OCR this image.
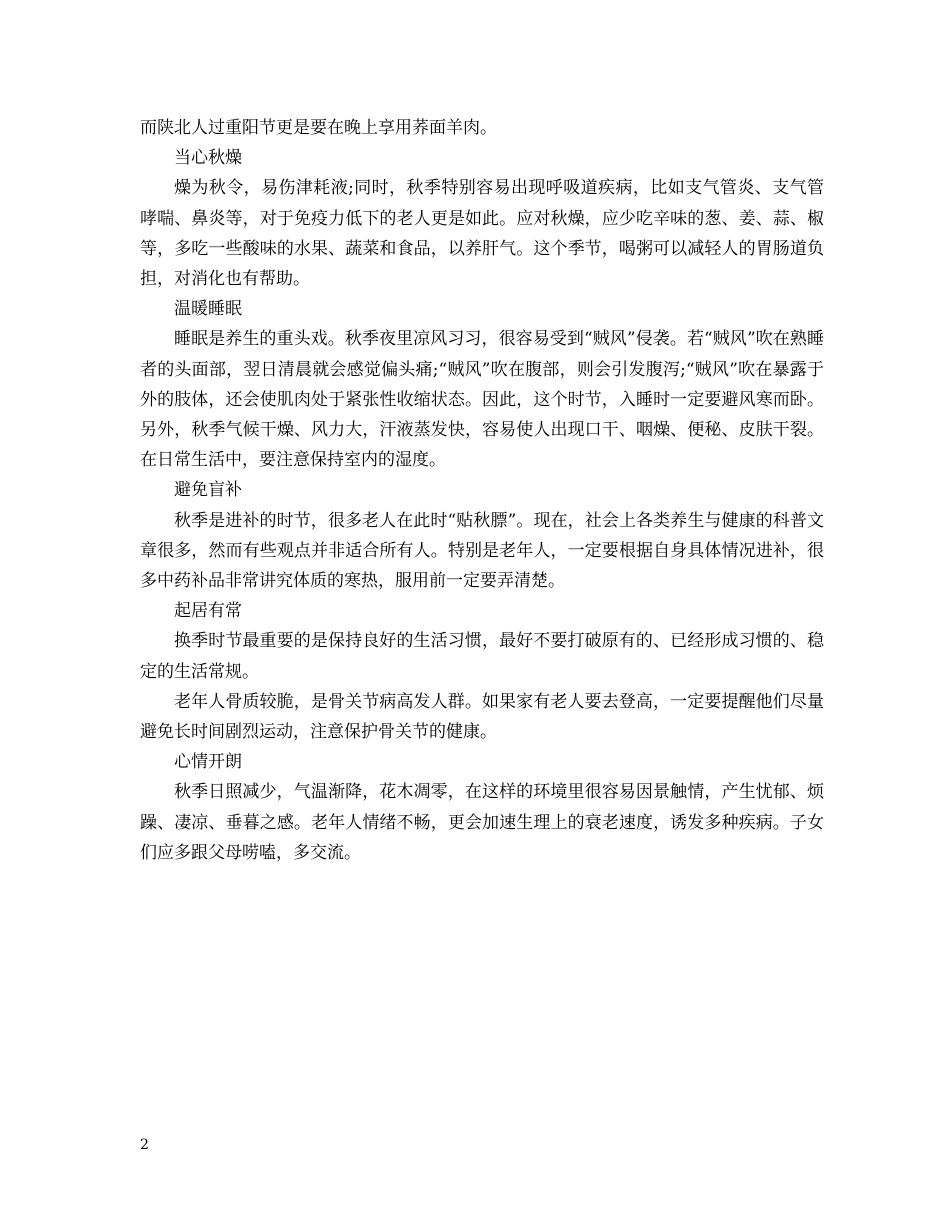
而陕北人过重阳节更是要在晚上享用荞面羊肉。

当心秋燥

燥为秋令，易伤津耗液;同时，秋季特别容易出现呼吸道疾病，比如支气管炎、支气管哮喘、鼻炎等，对于免疫力低下的老人更是如此。应对秋燥，应少吃辛味的葱、姜、蒜、椒等，多吃一些酸味的水果、蔬菜和食品，以养肝气。这个季节，喝粥可以减轻人的胃肠道负担，对消化也有帮助。

温暖睡眠

睡眠是养生的重头戏。秋季夜里凉风习习，很容易受到“贼风”侵袭。若“贼风”吹在熟睡者的头面部，翌日清晨就会感觉偏头痛;“贼风”吹在腹部，则会引发腹泻;“贼风”吹在暴露于外的肢体，还会使肌肉处于紧张性收缩状态。因此，这个时节，入睡时一定要避风寒而卧。另外，秋季气候干燥、风力大，汗液蒸发快，容易使人出现口干、咽燥、便秘、皮肤干裂。在日常生活中，要注意保持室内的湿度。

避免盲补

秋季是进补的时节，很多老人在此时“贴秋膘”。现在，社会上各类养生与健康的科普文章很多，然而有些观点并非适合所有人。特别是老年人，一定要根据自身具体情况进补，很多中药补品非常讲究体质的寒热，服用前一定要弄清楚。

起居有常

换季时节最重要的是保持良好的生活习惯，最好不要打破原有的、已经形成习惯的、稳定的生活常规。

老年人骨质较脆，是骨关节病高发人群。如果家有老人要去登高，一定要提醒他们尽量避免长时间剧烈运动，注意保护骨关节的健康。

心情开朗

秋季日照减少，气温渐降，花木凋零，在这样的环境里很容易因景触情，产生忧郁、烦躁、凄凉、垂暮之感。老年人情绪不畅，更会加速生理上的衰老速度，诱发多种疾病。子女们应多跟父母唠嗑，多交流。

2
